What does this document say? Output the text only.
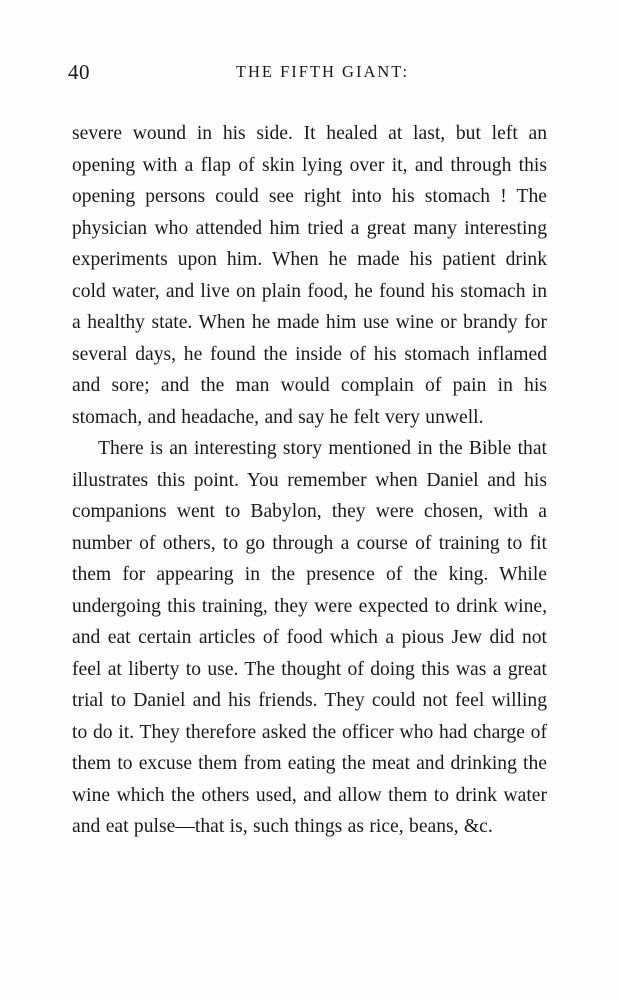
40	THE FIFTH GIANT:

severe wound in his side. It healed at last, but left an opening with a flap of skin lying over it, and through this opening persons could see right into his stomach ! The physician who attended him tried a great many interesting experiments upon him. When he made his patient drink cold water, and live on plain food, he found his stomach in a healthy state. When he made him use wine or brandy for several days, he found the inside of his stomach inflamed and sore; and the man would complain of pain in his stomach, and headache, and say he felt very unwell.

There is an interesting story mentioned in the Bible that illustrates this point. You remember when Daniel and his companions went to Babylon, they were chosen, with a number of others, to go through a course of training to fit them for appearing in the presence of the king. While undergoing this training, they were expected to drink wine, and eat certain articles of food which a pious Jew did not feel at liberty to use. The thought of doing this was a great trial to Daniel and his friends. They could not feel willing to do it. They therefore asked the officer who had charge of them to excuse them from eating the meat and drinking the wine which the others used, and allow them to drink water and eat pulse—that is, such things as rice, beans, &c.
